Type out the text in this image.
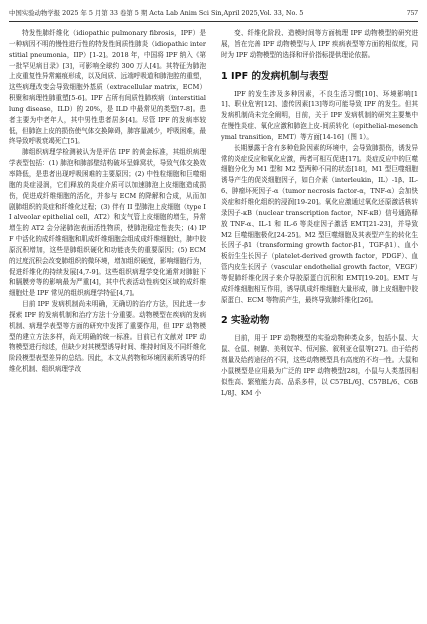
中国实验动物学报 2025 年 5 月第 33 卷第 5 期 Acta Lab Anim Sci Sin,April 2025,Vol. 33, No. 5	757

特发性肺纤维化（idiopathic pulmonary fibrosis，IPF）是一种病因不明的慢性进行性的特发性间质性肺炎（idiopathic interstitial pneumonia，IIP）[1-2]。2018 年，中国将 IPF 纳入《第一批罕见病目录》[3]，可影响全球约 300 万人[4]。其特征为肺泡上皮重复性异常瘢痕形成，以及间质、远端呼吸道和肺泡腔的重塑，这些病理改变会导致细胞外基质（extracellular matrix，ECM）积聚和病理性肺重塑[5-6]。IPF 占所有间质性肺疾病（interstitial lung disease，ILD）的 20%，是 ILD 中最常见的类型[7-8]。患者主要为中老年人，其中男性患者居多[4]。尽管 IPF 的发病率较低，但肺泡上皮的损伤使气体交换障碍，肺容量减少，呼吸困难，最终导致呼吸衰竭死亡[5]。

肺组织病理学检测被认为是评估 IPF 的黄金标准，其组织病理学表型包括：(1) 肺泡和肺部壁结构破坏呈蜂窝状，导致气体交换效率降低，是患者出现呼吸困难的主要原因；(2) 中性粒细胞和巨噬细胞的炎症浸润，它们释放的炎症介质可以加速肺泡上皮细胞造成损伤，促进成纤维细胞的活化，并参与 ECM 的降解和合成，从而加剧肺组织的炎症和纤维化过程；(3) 伴有 II 型肺泡上皮细胞（type II alveolar epithelial cell，AT2）和支气管上皮细胞的增生，异常增生的 AT2 会分泌肺泡表面活性物质，使肺泡稳定性丧失；(4) IPF 中活化的成纤维细胞和肌成纤维细胞会组成成纤维细胞灶，肺中胶原沉积增加，这些是肺组织硬化和功能丧失的重要原因；(5) ECM 的过度沉积会改变肺组织的微环境，增加组织硬度，影响细胞行为，促进纤维化的持续发展[4,7-9]。这些组织病理学变化通常对肺脏下和膈膜旁等的影响最为严重[4]，其中代表活动性病变区域的成纤维细胞灶是 IPF 常见的组织病理学特征[4,7]。

目前 IPF 发病机制尚未明确，无确切的治疗方法，因此进一步探索 IPF 的发病机制和治疗方法十分重要。动物模型在疾病的发病机制、病理学表型等方面的研究中发挥了重要作用，但 IPF 动物模型的建立方法多样，尚无明确的统一标准。目前已有文献对 IPF 动物模型进行综述，但缺少对其模型诱导时间、维持时间及不同纤维化阶段模型表型差异的总结。因此，本文从药物和环境因素所诱导的纤维化机制、组织病理学改

变、纤维化阶段、造模时间等方面梳理 IPF 动物模型的研究进展，旨在完善 IPF 动物模型与人 IPF 疾病表型等方面的相似度，同时为 IPF 动物模型的选择和评价指标提供理论依据。

1 IPF 的发病机制与表型

IPF 的发生涉及多种因素，不良生活习惯[10]、环境影响[11]、职业危害[12]、遗传因素[13]等均可能导致 IPF 的发生。但其发病机制尚未完全阐明，目前，关于 IPF 发病机制的研究主要集中在慢性炎症、氧化应激和肺泡上皮-间质转化（epithelial-mesenchymal transition，EMT）等方面[14-16]（图 1）。

长期暴露于含有多种危险因素的环境中，会导致肺损伤，诱发异常的炎症反应和氧化应激，两者可相互促进[17]。炎症反应中的巨噬细胞分化为 M1 型和 M2 型两种不同的状态[18]，M1 型巨噬细胞诱导产生的促炎细胞因子，如白介素（interleukin，IL）-1β、IL-6、肿瘤坏死因子-α（tumor necrosis factor-α，TNF-α）会加快炎症和纤维化组织的浸润[19-20]。氧化应激通过氧化还原激活核转录因子-κB（nuclear transcription factor，NF-κB）信号通路释放 TNF-α、IL-1 和 IL-6 等炎症因子激活 EMT[21-23]，并导致 M2 巨噬细胞极化[24-25]。M2 型巨噬细胞及其表型产生的转化生长因子-β1（transforming growth factor-β1，TGF-β1）、血小板衍生生长因子（platelet-derived growth factor，PDGF）、血管内皮生长因子（vascular endothelial growth factor，VEGF）等促肺纤维化因子来介导胶原蛋白沉积和 EMT[19-20]。EMT 与成纤维细胞相互作用，诱导肌成纤维细胞大量形成，肺上皮细胞中胶原蛋白、ECM 等物质产生，最终导致肺纤维化[26]。

2 实验动物

目前，用于 IPF 动物模型的实验动物种类众多，包括小鼠、大鼠、仓鼠、树鼩、美利奴羊、恒河猴、叙利亚仓鼠等[27]。由于给药剂量及给药途径的不同，这些动物模型具有高度的不均一性。大鼠和小鼠模型是应用最为广泛的 IPF 动物模型[28]，小鼠与人类基因相似性高、繁殖能力高、品系多样，以 C57BL/6J、C57BL/6、C6BL/8J、KM 小
